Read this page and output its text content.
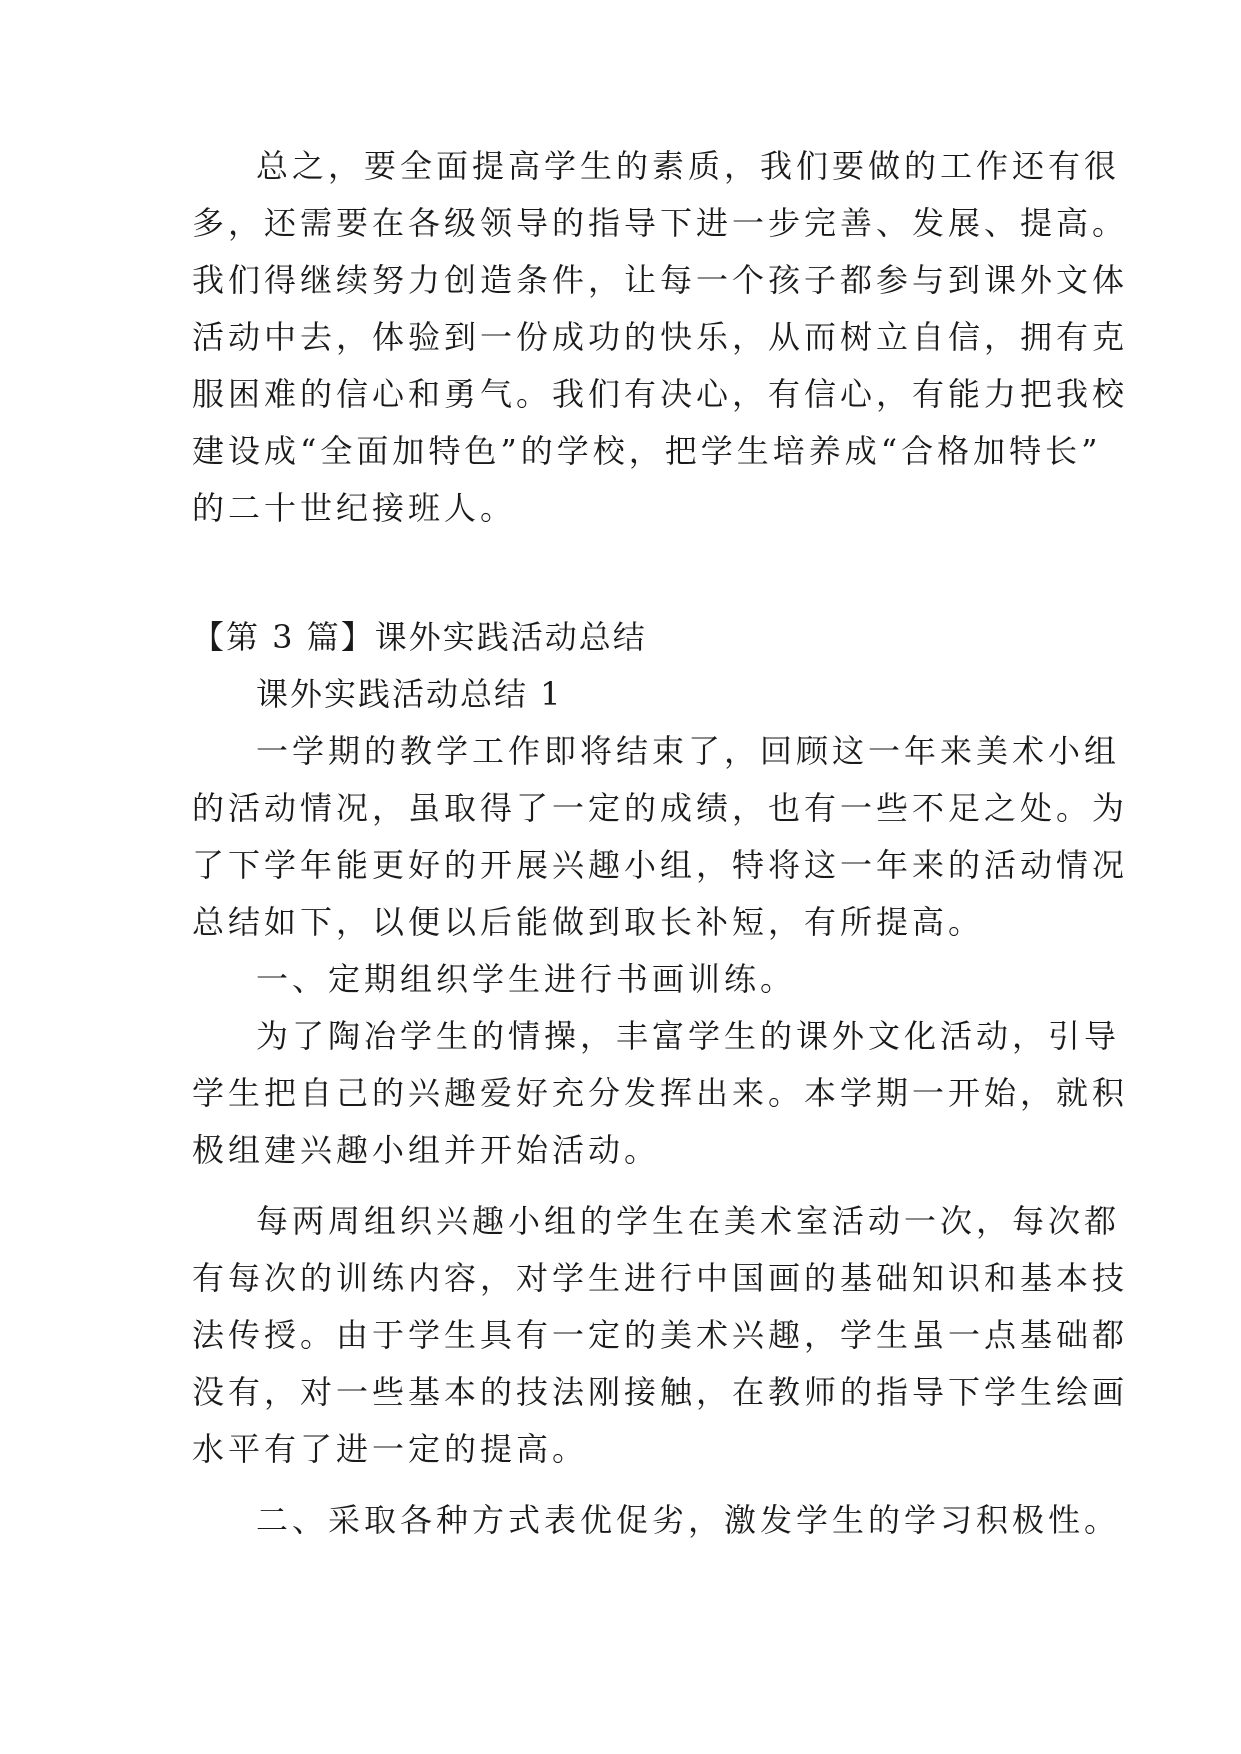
总之，要全面提高学生的素质，我们要做的工作还有很
多，还需要在各级领导的指导下进一步完善、发展、提高。
我们得继续努力创造条件，让每一个孩子都参与到课外文体
活动中去，体验到一份成功的快乐，从而树立自信，拥有克
服困难的信心和勇气。我们有决心，有信心，有能力把我校
建设成“全面加特色”的学校，把学生培养成“合格加特长”
的二十世纪接班人。
【第 3 篇】课外实践活动总结
课外实践活动总结 1
一学期的教学工作即将结束了，回顾这一年来美术小组
的活动情况，虽取得了一定的成绩，也有一些不足之处。为
了下学年能更好的开展兴趣小组，特将这一年来的活动情况
总结如下，以便以后能做到取长补短，有所提高。
一、定期组织学生进行书画训练。
为了陶冶学生的情操，丰富学生的课外文化活动，引导
学生把自己的兴趣爱好充分发挥出来。本学期一开始，就积
极组建兴趣小组并开始活动。
每两周组织兴趣小组的学生在美术室活动一次，每次都
有每次的训练内容，对学生进行中国画的基础知识和基本技
法传授。由于学生具有一定的美术兴趣，学生虽一点基础都
没有，对一些基本的技法刚接触，在教师的指导下学生绘画
水平有了进一定的提高。
二、采取各种方式表优促劣，激发学生的学习积极性。
